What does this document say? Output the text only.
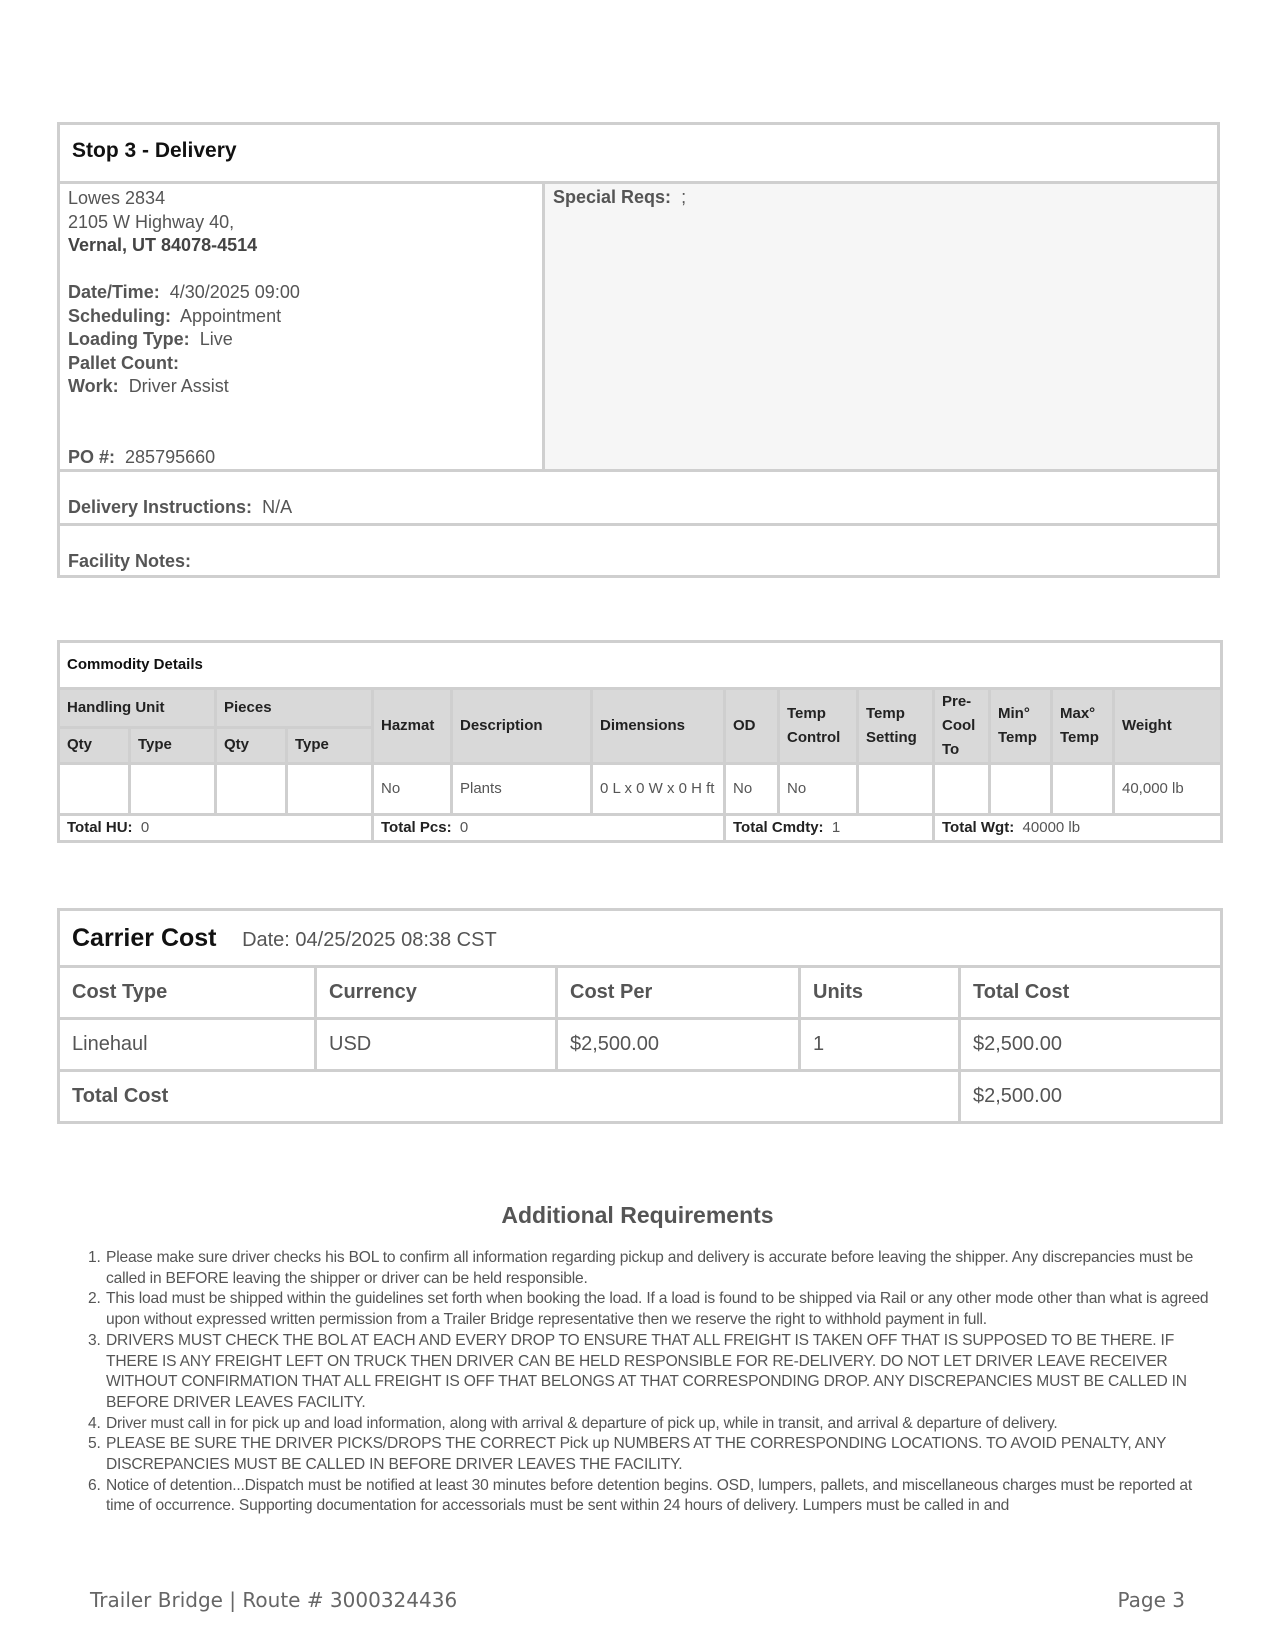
Stop 3 - Delivery
Lowes 2834
2105 W Highway 40,
Vernal, UT 84078-4514
Date/Time: 4/30/2025 09:00
Scheduling: Appointment
Loading Type: Live
Pallet Count:
Work: Driver Assist
PO #: 285795660
Special Reqs: ;
Delivery Instructions: N/A
Facility Notes:
Commodity Details													
Handling Unit		Pieces		Hazmat	Description	Dimensions	OD	Temp Control	Temp Setting	Pre-Cool To	Min° Temp	Max° Temp	Weight
Qty	Type	Qty	Type										
				No	Plants	0 L x 0 W x 0 H ft	No	No					40,000 lb
Total HU: 0				Total Pcs: 0			Total Cmdty: 1			Total Wgt: 40000 lb			
Carrier Cost Date: 04/25/2025 08:38 CST				
Cost Type	Currency	Cost Per	Units	Total Cost
Linehaul	USD	$2,500.00	1	$2,500.00
Total Cost				$2,500.00
Additional Requirements
1. Please make sure driver checks his BOL to confirm all information regarding pickup and delivery is accurate before leaving the shipper. Any discrepancies must be called in BEFORE leaving the shipper or driver can be held responsible.
2. This load must be shipped within the guidelines set forth when booking the load. If a load is found to be shipped via Rail or any other mode other than what is agreed upon without expressed written permission from a Trailer Bridge representative then we reserve the right to withhold payment in full.
3. DRIVERS MUST CHECK THE BOL AT EACH AND EVERY DROP TO ENSURE THAT ALL FREIGHT IS TAKEN OFF THAT IS SUPPOSED TO BE THERE. IF THERE IS ANY FREIGHT LEFT ON TRUCK THEN DRIVER CAN BE HELD RESPONSIBLE FOR RE-DELIVERY. DO NOT LET DRIVER LEAVE RECEIVER WITHOUT CONFIRMATION THAT ALL FREIGHT IS OFF THAT BELONGS AT THAT CORRESPONDING DROP. ANY DISCREPANCIES MUST BE CALLED IN BEFORE DRIVER LEAVES FACILITY.
4. Driver must call in for pick up and load information, along with arrival & departure of pick up, while in transit, and arrival & departure of delivery.
5. PLEASE BE SURE THE DRIVER PICKS/DROPS THE CORRECT Pick up NUMBERS AT THE CORRESPONDING LOCATIONS. TO AVOID PENALTY, ANY DISCREPANCIES MUST BE CALLED IN BEFORE DRIVER LEAVES THE FACILITY.
6. Notice of detention...Dispatch must be notified at least 30 minutes before detention begins. OSD, lumpers, pallets, and miscellaneous charges must be reported at time of occurrence. Supporting documentation for accessorials must be sent within 24 hours of delivery. Lumpers must be called in and
Trailer Bridge | Route # 3000324436	Page 3
